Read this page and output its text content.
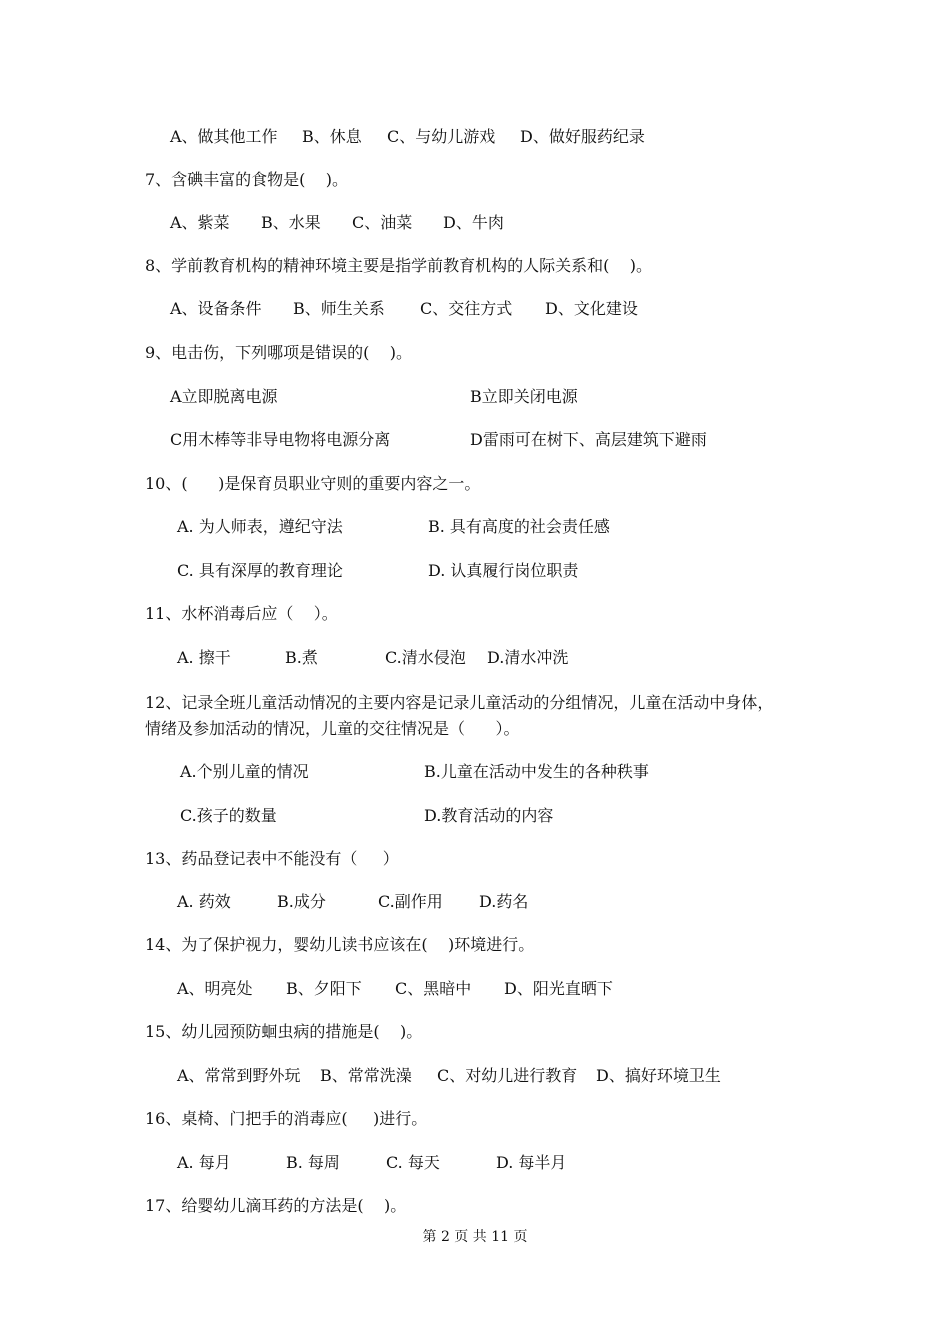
A、做其他工作 B、休息 C、与幼儿游戏 D、做好服药纪录
7、含碘丰富的食物是(    )。
A、紫菜 B、水果 C、油菜 D、牛肉
8、学前教育机构的精神环境主要是指学前教育机构的人际关系和(    )。
A、设备条件 B、师生关系 C、交往方式 D、文化建设
9、电击伤，下列哪项是错误的(    )。
A立即脱离电源	B立即关闭电源
C用木棒等非导电物将电源分离	D雷雨可在树下、高层建筑下避雨
10、(      )是保育员职业守则的重要内容之一。
A. 为人师表，遵纪守法	B. 具有高度的社会责任感
C. 具有深厚的教育理论	D. 认真履行岗位职责
11、水杯消毒后应（    ）。
A. 擦干	B.煮	C.清水侵泡 D.清水冲洗
12、记录全班儿童活动情况的主要内容是记录儿童活动的分组情况，儿童在活动中身体，
情绪及参加活动的情况，儿童的交往情况是（      ）。
A.个别儿童的情况	B.儿童在活动中发生的各种秩事
C.孩子的数量	D.教育活动的内容
13、药品登记表中不能没有（     ）
A. 药效	B.成分	C.副作用 D.药名
14、为了保护视力，婴幼儿读书应该在(    )环境进行。
A、明亮处 B、夕阳下 C、黑暗中 D、阳光直晒下
15、幼儿园预防蛔虫病的措施是(    )。
A、常常到野外玩 B、常常洗澡 C、对幼儿进行教育 D、搞好环境卫生
16、桌椅、门把手的消毒应(     )进行。
A. 每月	B. 每周	C. 每天	D. 每半月
17、给婴幼儿滴耳药的方法是(    )。
第 2 页 共 11 页
